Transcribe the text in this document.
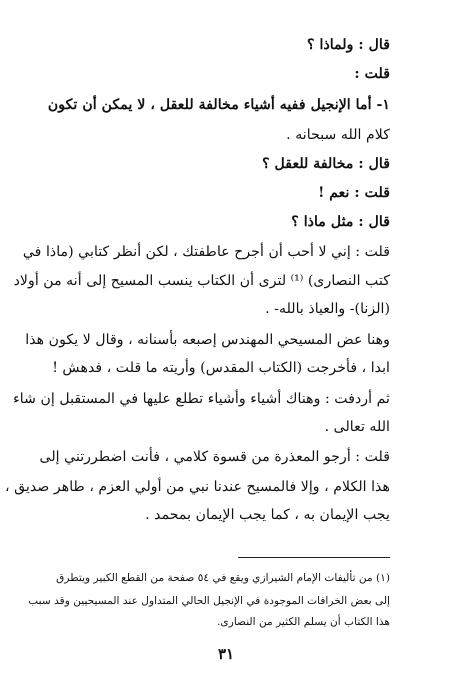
قال : ولماذا ؟
قلت :
١- أما الإنجيل ففيه أشياء مخالفة للعقل ، لا يمكن أن تكون
كلام الله سبحانه .
قال : مخالفة للعقل ؟
قلت : نعم !
قال : مثل ماذا ؟
قلت : إني لا أحب أن أجرح عاطفتك ، لكن أنظر كتابي (ماذا في
كتب النصارى) ⁽¹⁾ لترى أن الكتاب ينسب المسيح إلى أنه من أولاد
(الزنا)- والعياذ بالله- .
وهنا عض المسيحي المهندس إصبعه بأسنانه ، وقال لا يكون هذا
ابدا ، فأخرجت (الكتاب المقدس) وأريته ما قلت ، فدهش !
ثم أردفت : وهناك أشياء وأشياء تطلع عليها في المستقبل إن شاء
الله تعالى .
قلت : أرجو المعذرة من قسوة كلامي ، فأنت اضطررتني إلى
هذا الكلام ، وإلا فالمسيح عندنا نبي من أولي العزم ، طاهر صديق ،
يجب الإيمان به ، كما يجب الإيمان بمحمد .
(١) من تأليفات الإمام الشيرازي ويقع في ٥٤ صفحة من القطع الكبير ويتطرق
إلى بعض الخرافات الموجودة في الإنجيل الحالي المتداول عند المسيحيين وقد سبب
هذا الكتاب أن يسلم الكثير من النصارى.
٣١
